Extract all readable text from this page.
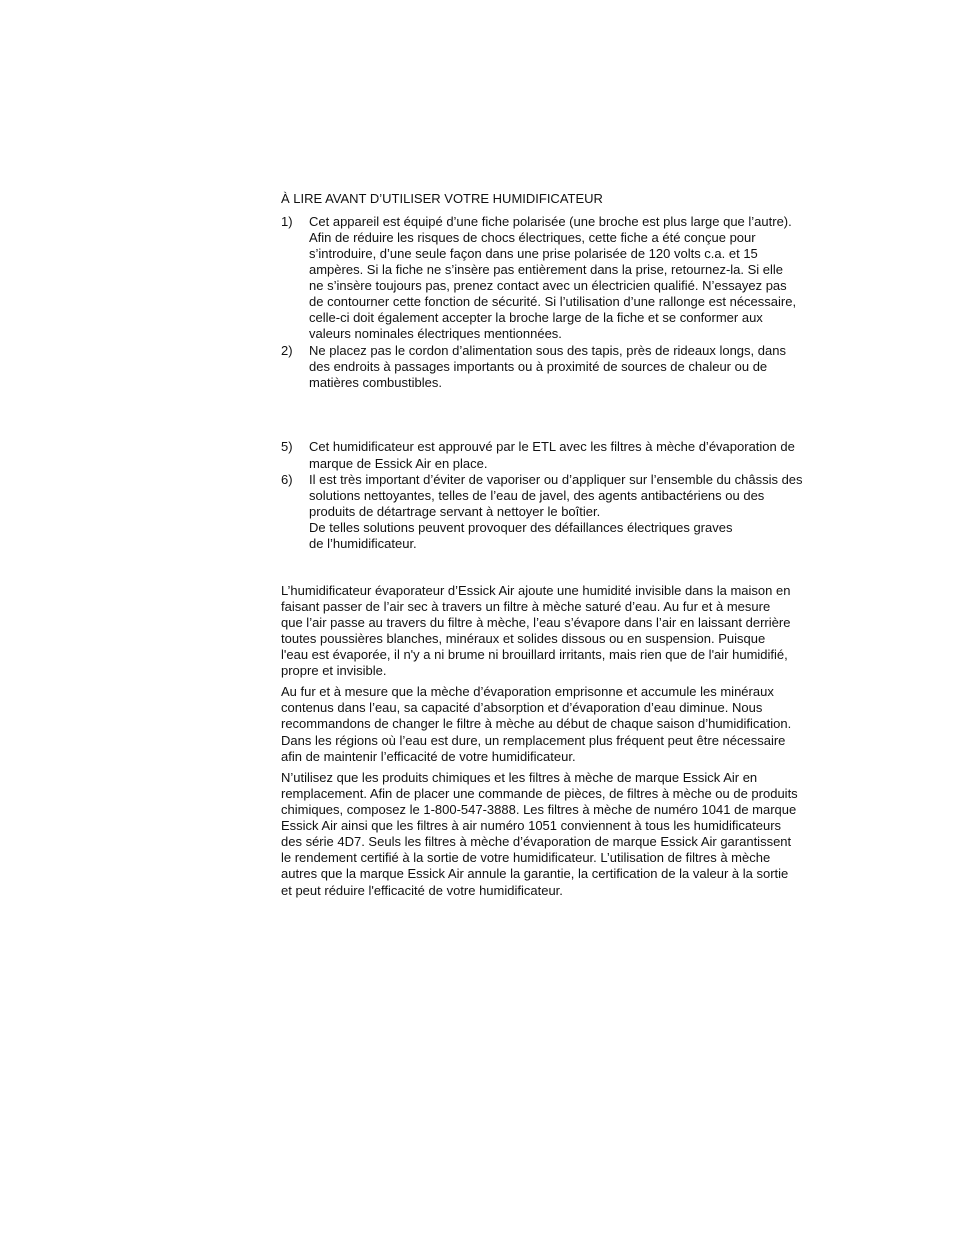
À LIRE AVANT D’UTILISER VOTRE HUMIDIFICATEUR
1) Cet appareil est équipé d’une fiche polarisée (une broche est plus large que l’autre).
Afin de réduire les risques de chocs électriques, cette fiche a été conçue pour
s’introduire, d’une seule façon dans une prise polarisée de 120 volts c.a. et 15
ampères. Si la fiche ne s’insère pas entièrement dans la prise, retournez-la. Si elle
ne s’insère toujours pas, prenez contact avec un électricien qualifié. N’essayez pas
de contourner cette fonction de sécurité. Si l’utilisation d’une rallonge est nécessaire,
celle-ci doit également accepter la broche large de la fiche et se conformer aux
valeurs nominales électriques mentionnées.
2) Ne placez pas le cordon d’alimentation sous des tapis, près de rideaux longs, dans
des endroits à passages importants ou à proximité de sources de chaleur ou de
matières combustibles.
5) Cet humidificateur est approuvé par le ETL avec les filtres à mèche d’évaporation de
marque de Essick Air en place.
6) Il est très important d’éviter de vaporiser ou d’appliquer sur l’ensemble du châssis des
solutions nettoyantes, telles de l’eau de javel, des agents antibactériens ou des
produits de détartrage servant à nettoyer le boîtier.
De telles solutions peuvent provoquer des défaillances électriques graves
de l’humidificateur.
L’humidificateur évaporateur d’Essick Air ajoute une humidité invisible dans la maison en
faisant passer de l’air sec à travers un filtre à mèche saturé d’eau. Au fur et à mesure
que l’air passe au travers du filtre à mèche, l’eau s’évapore dans l’air en laissant derrière
toutes poussières blanches, minéraux et solides dissous ou en suspension. Puisque
l'eau est évaporée, il n'y a ni brume ni brouillard irritants, mais rien que de l'air humidifié,
propre et invisible.
Au fur et à mesure que la mèche d’évaporation emprisonne et accumule les minéraux
contenus dans l’eau, sa capacité d’absorption et d’évaporation d’eau diminue. Nous
recommandons de changer le filtre à mèche au début de chaque saison d’humidification.
Dans les régions où l’eau est dure, un remplacement plus fréquent peut être nécessaire
afin de maintenir l’efficacité de votre humidificateur.
N’utilisez que les produits chimiques et les filtres à mèche de marque Essick Air en
remplacement. Afin de placer une commande de pièces, de filtres à mèche ou de produits
chimiques, composez le 1-800-547-3888. Les filtres à mèche de numéro 1041 de marque
Essick Air ainsi que les filtres à air numéro 1051 conviennent à tous les humidificateurs
des série 4D7. Seuls les filtres à mèche d’évaporation de marque Essick Air garantissent
le rendement certifié à la sortie de votre humidificateur. L’utilisation de filtres à mèche
autres que la marque Essick Air annule la garantie, la certification de la valeur à la sortie
et peut réduire l'efficacité de votre humidificateur.
